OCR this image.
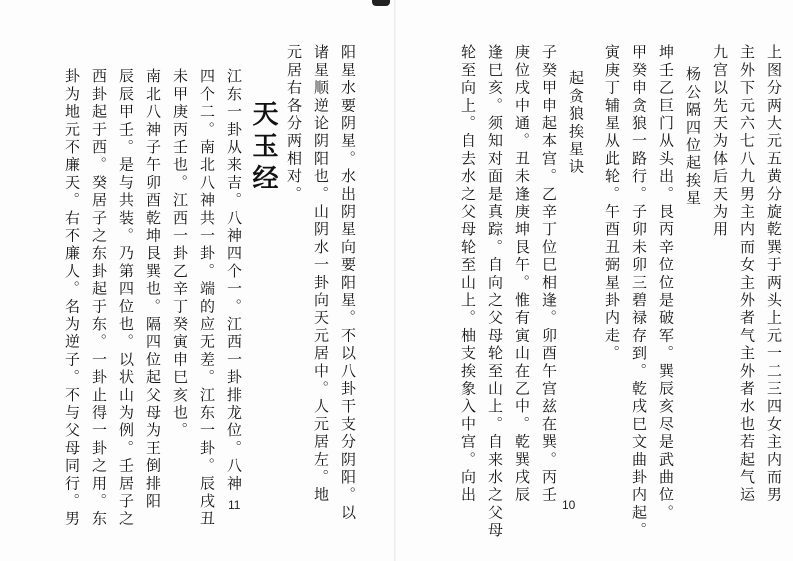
上图分两大元五黄分旋乾巽于两头上元一二三四女主内而男
主外下元六七八九男主内而女主外者气主外者水也若起气运
九宫以先天为体后天为用
杨公隔四位起挨星
坤壬乙巨门从头出。艮丙辛位位是破军。巽辰亥尽是武曲位。
甲癸申贪狼一路行。子卯未卯三碧禄存到。乾戌巳文曲卦内起。
寅庚丁辅星从此轮。午酉丑弼星卦内走。
起贪狼挨星诀
子癸甲申起本宫。乙辛丁位巳相逢。卯酉午宫兹在巽。丙壬
庚位戌中通。丑未逢庚坤艮午。惟有寅山在乙中。乾巽戌辰
逢巳亥。须知对面是真踪。自向之父母轮至山上。自来水之父母
轮至向上。自去水之父母轮至山上。柚支挨象入中宫。向出
10
阳星水要阴星。水出阴星向要阳星。不以八卦干支分阴阳。以
诸星顺逆论阴阳也。山阴水一卦向天元居中。人元居左。地
元居右各分两相对。
天玉经
江东一卦从来吉。八神四个一。江西一卦排龙位。八神
四个二。南北八神共一卦。端的应无差。江东一卦。辰戌丑
未甲庚丙壬也。江西一卦乙辛丁癸寅申巳亥也。
南北八神子午卯酉乾坤艮巽也。隔四位起父母为王倒排阳
辰辰甲壬。是与共装。乃第四位也。以状山为例。壬居子之
西卦起于西。癸居子之东卦起于东。一卦止得一卦之用。东
卦为地元不廉天。右不廉人。名为逆子。不与父母同行。男	11
